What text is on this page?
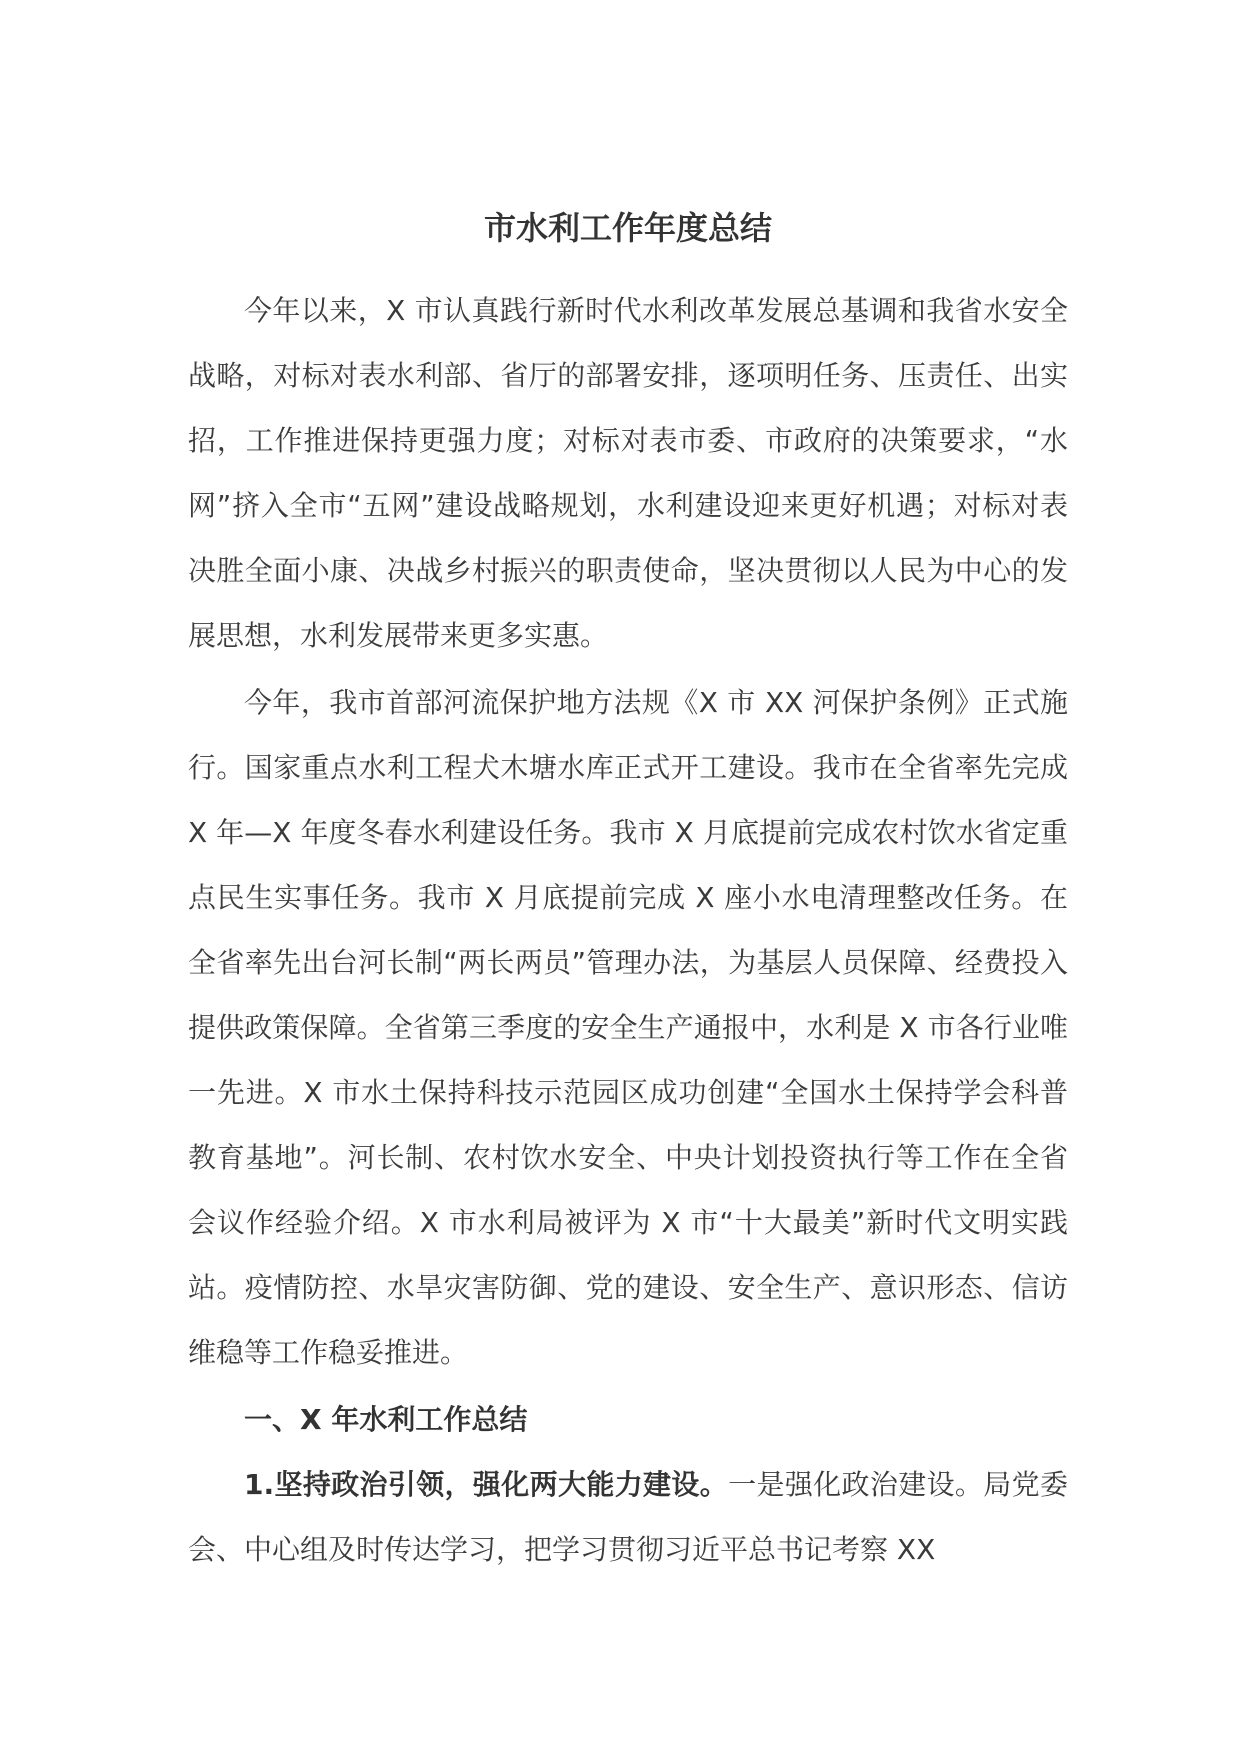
市水利工作年度总结

今年以来，X 市认真践行新时代水利改革发展总基调和我省水安全战略，对标对表水利部、省厅的部署安排，逐项明任务、压责任、出实招，工作推进保持更强力度；对标对表市委、市政府的决策要求，“水网”挤入全市“五网”建设战略规划，水利建设迎来更好机遇；对标对表决胜全面小康、决战乡村振兴的职责使命，坚决贯彻以人民为中心的发展思想，水利发展带来更多实惠。

今年，我市首部河流保护地方法规《X 市 XX 河保护条例》正式施行。国家重点水利工程犬木塘水库正式开工建设。我市在全省率先完成 X 年—X 年度冬春水利建设任务。我市 X 月底提前完成农村饮水省定重点民生实事任务。我市 X 月底提前完成 X 座小水电清理整改任务。在全省率先出台河长制“两长两员”管理办法，为基层人员保障、经费投入提供政策保障。全省第三季度的安全生产通报中，水利是 X 市各行业唯一先进。X 市水土保持科技示范园区成功创建“全国水土保持学会科普教育基地”。河长制、农村饮水安全、中央计划投资执行等工作在全省会议作经验介绍。X 市水利局被评为 X 市“十大最美”新时代文明实践站。疫情防控、水旱灾害防御、党的建设、安全生产、意识形态、信访维稳等工作稳妥推进。

一、X 年水利工作总结

1.坚持政治引领，强化两大能力建设。一是强化政治建设。局党委会、中心组及时传达学习，把学习贯彻习近平总书记考察 XX
